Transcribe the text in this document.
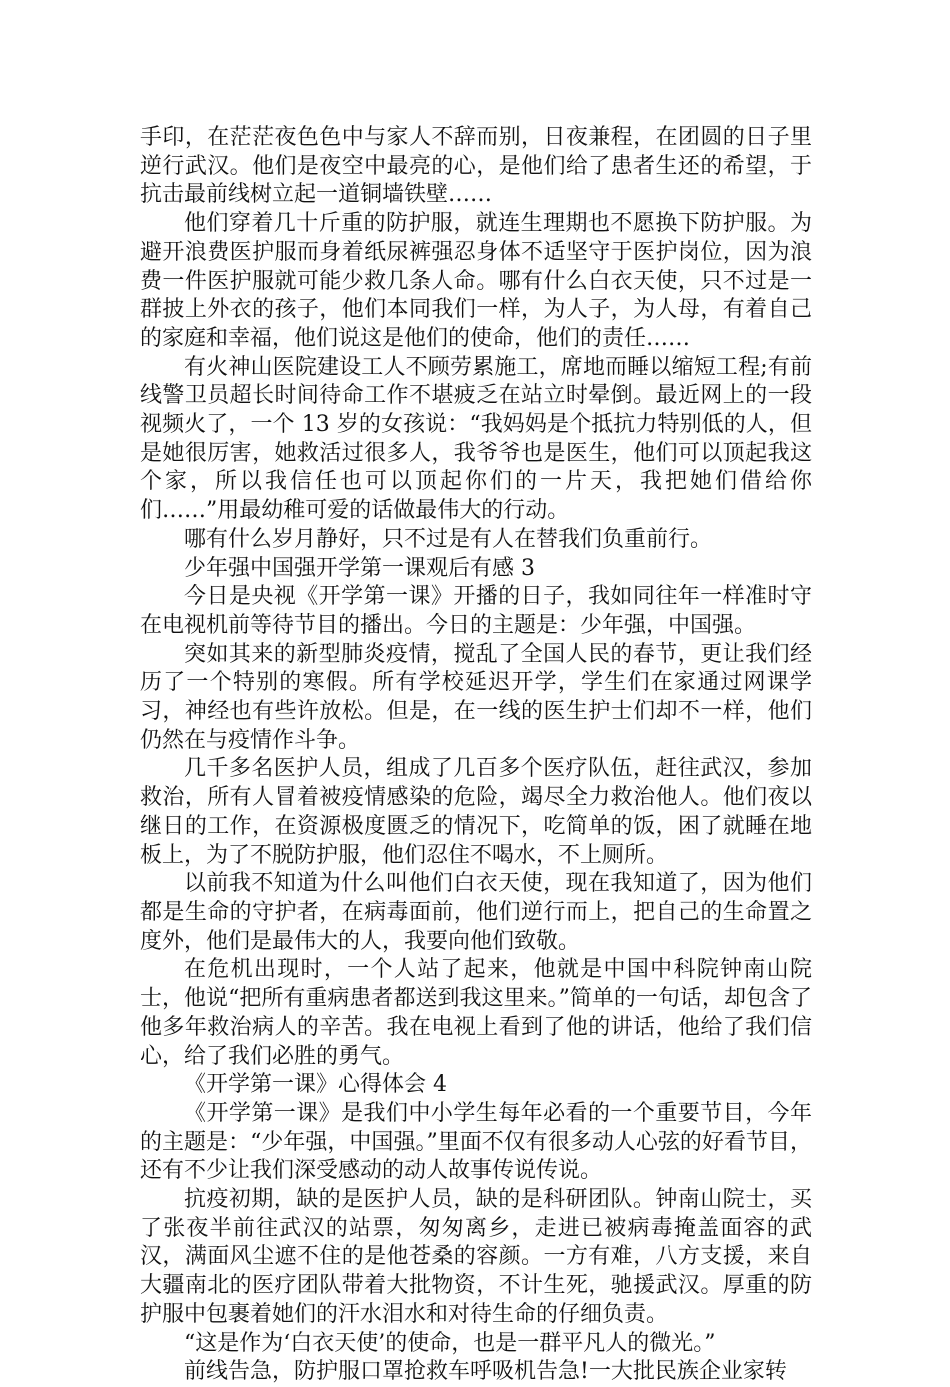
手印，在茫茫夜色色中与家人不辞而别，日夜兼程，在团圆的日子里逆行武汉。他们是夜空中最亮的心，是他们给了患者生还的希望，于抗击最前线树立起一道铜墙铁壁……

他们穿着几十斤重的防护服，就连生理期也不愿换下防护服。为避开浪费医护服而身着纸尿裤强忍身体不适坚守于医护岗位，因为浪费一件医护服就可能少救几条人命。哪有什么白衣天使，只不过是一群披上外衣的孩子，他们本同我们一样，为人子，为人母，有着自己的家庭和幸福，他们说这是他们的使命，他们的责任……

有火神山医院建设工人不顾劳累施工，席地而睡以缩短工程;有前线警卫员超长时间待命工作不堪疲乏在站立时晕倒。最近网上的一段视频火了，一个 13 岁的女孩说：“我妈妈是个抵抗力特别低的人，但是她很厉害，她救活过很多人，我爷爷也是医生，他们可以顶起我这个家，所以我信任也可以顶起你们的一片天，我把她们借给你们……”用最幼稚可爱的话做最伟大的行动。

哪有什么岁月静好，只不过是有人在替我们负重前行。

少年强中国强开学第一课观后有感 3

今日是央视《开学第一课》开播的日子，我如同往年一样准时守在电视机前等待节目的播出。今日的主题是：少年强，中国强。

突如其来的新型肺炎疫情，搅乱了全国人民的春节，更让我们经历了一个特别的寒假。所有学校延迟开学，学生们在家通过网课学习，神经也有些许放松。但是，在一线的医生护士们却不一样，他们仍然在与疫情作斗争。

几千多名医护人员，组成了几百多个医疗队伍，赶往武汉，参加救治，所有人冒着被疫情感染的危险，竭尽全力救治他人。他们夜以继日的工作，在资源极度匮乏的情况下，吃简单的饭，困了就睡在地板上，为了不脱防护服，他们忍住不喝水，不上厕所。

以前我不知道为什么叫他们白衣天使，现在我知道了，因为他们都是生命的守护者，在病毒面前，他们逆行而上，把自己的生命置之度外，他们是最伟大的人，我要向他们致敬。

在危机出现时，一个人站了起来，他就是中国中科院钟南山院士，他说“把所有重病患者都送到我这里来。”简单的一句话，却包含了他多年救治病人的辛苦。我在电视上看到了他的讲话，他给了我们信心，给了我们必胜的勇气。

《开学第一课》心得体会 4

《开学第一课》是我们中小学生每年必看的一个重要节目，今年的主题是：“少年强，中国强。”里面不仅有很多动人心弦的好看节目，还有不少让我们深受感动的动人故事传说传说。

抗疫初期，缺的是医护人员，缺的是科研团队。钟南山院士，买了张夜半前往武汉的站票，匆匆离乡，走进已被病毒掩盖面容的武汉，满面风尘遮不住的是他苍桑的容颜。一方有难，八方支援，来自大疆南北的医疗团队带着大批物资，不计生死，驰援武汉。厚重的防护服中包裹着她们的汗水泪水和对待生命的仔细负责。

“这是作为‘白衣天使’的使命，也是一群平凡人的微光。”

前线告急，防护服口罩抢救车呼吸机告急!一大批民族企业家转
